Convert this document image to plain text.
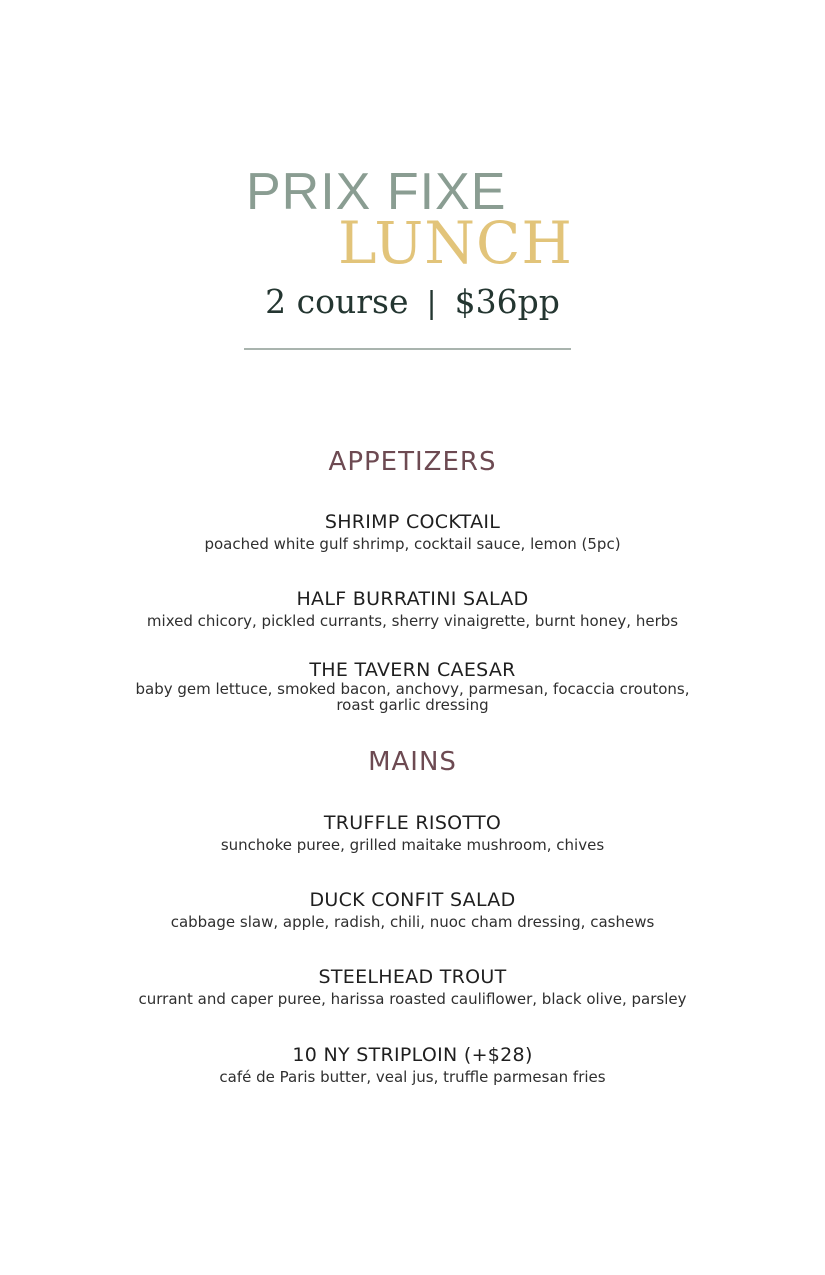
PRIX FIXE
LUNCH
2 course | $36pp
APPETIZERS
SHRIMP COCKTAIL
poached white gulf shrimp, cocktail sauce, lemon (5pc)
HALF BURRATINI SALAD
mixed chicory, pickled currants, sherry vinaigrette, burnt honey, herbs
THE TAVERN CAESAR
baby gem lettuce, smoked bacon, anchovy, parmesan, focaccia croutons, roast garlic dressing
MAINS
TRUFFLE RISOTTO
sunchoke puree, grilled maitake mushroom, chives
DUCK CONFIT SALAD
cabbage slaw, apple, radish, chili, nuoc cham dressing, cashews
STEELHEAD TROUT
currant and caper puree, harissa roasted cauliflower, black olive, parsley
10 NY STRIPLOIN (+$28)
café de Paris butter, veal jus, truffle parmesan fries
